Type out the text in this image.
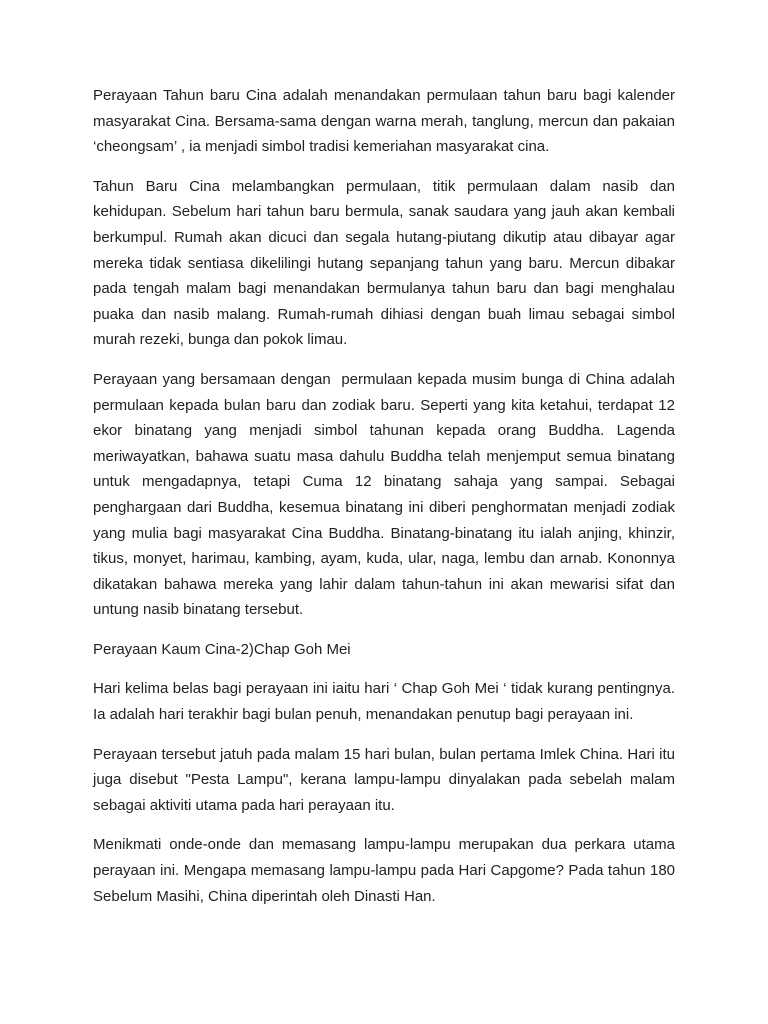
Perayaan Tahun baru Cina adalah menandakan permulaan tahun baru bagi kalender masyarakat Cina. Bersama-sama dengan warna merah, tanglung, mercun dan pakaian ‘cheongsam’ , ia menjadi simbol tradisi kemeriahan masyarakat cina.

Tahun Baru Cina melambangkan permulaan, titik permulaan dalam nasib dan kehidupan. Sebelum hari tahun baru bermula, sanak saudara yang jauh akan kembali berkumpul. Rumah akan dicuci dan segala hutang-piutang dikutip atau dibayar agar mereka tidak sentiasa dikelilingi hutang sepanjang tahun yang baru. Mercun dibakar pada tengah malam bagi menandakan bermulanya tahun baru dan bagi menghalau puaka dan nasib malang. Rumah-rumah dihiasi dengan buah limau sebagai simbol murah rezeki, bunga dan pokok limau.

Perayaan yang bersamaan dengan  permulaan kepada musim bunga di China adalah permulaan kepada bulan baru dan zodiak baru. Seperti yang kita ketahui, terdapat 12 ekor binatang yang menjadi simbol tahunan kepada orang Buddha. Lagenda meriwayatkan, bahawa suatu masa dahulu Buddha telah menjemput semua binatang untuk mengadapnya, tetapi Cuma 12 binatang sahaja yang sampai. Sebagai penghargaan dari Buddha, kesemua binatang ini diberi penghormatan menjadi zodiak yang mulia bagi masyarakat Cina Buddha. Binatang-binatang itu ialah anjing, khinzir, tikus, monyet, harimau, kambing, ayam, kuda, ular, naga, lembu dan arnab. Kononnya dikatakan bahawa mereka yang lahir dalam tahun-tahun ini akan mewarisi sifat dan untung nasib binatang tersebut.

Perayaan Kaum Cina-2)Chap Goh Mei

Hari kelima belas bagi perayaan ini iaitu hari ‘ Chap Goh Mei ‘ tidak kurang pentingnya. Ia adalah hari terakhir bagi bulan penuh, menandakan penutup bagi perayaan ini.

Perayaan tersebut jatuh pada malam 15 hari bulan, bulan pertama Imlek China. Hari itu juga disebut "Pesta Lampu", kerana lampu-lampu dinyalakan pada sebelah malam sebagai aktiviti utama pada hari perayaan itu.

Menikmati onde-onde dan memasang lampu-lampu merupakan dua perkara utama perayaan ini. Mengapa memasang lampu-lampu pada Hari Capgome? Pada tahun 180 Sebelum Masihi, China diperintah oleh Dinasti Han.
